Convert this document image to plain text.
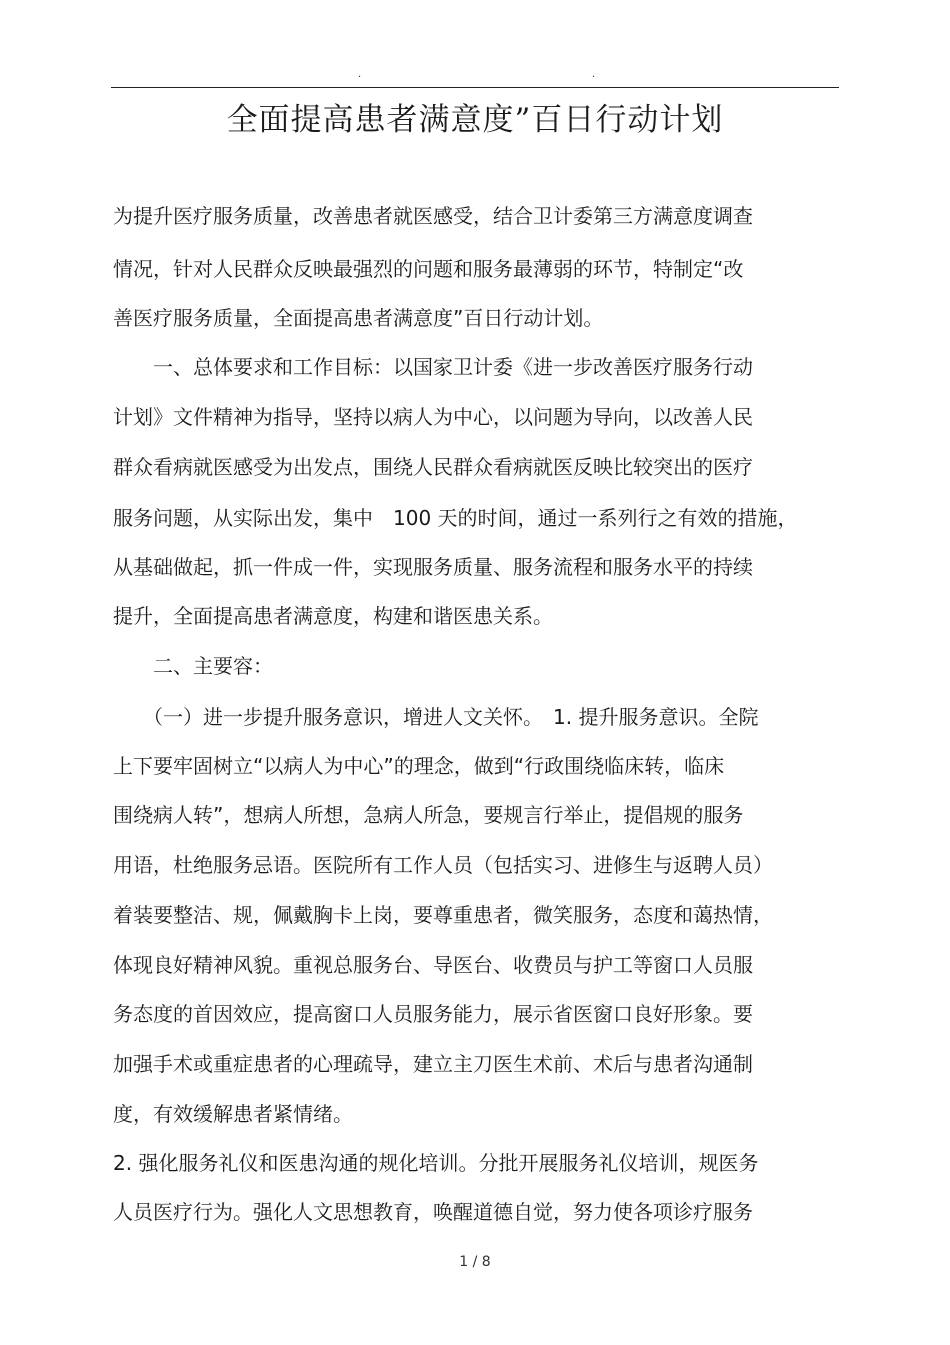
.	.
全面提高患者满意度”百日行动计划
为提升医疗服务质量，改善患者就医感受，结合卫计委第三方满意度调查
情况，针对人民群众反映最强烈的问题和服务最薄弱的环节，特制定“改
善医疗服务质量，全面提高患者满意度”百日行动计划。
　　一、总体要求和工作目标：以国家卫计委《进一步改善医疗服务行动
计划》文件精神为指导，坚持以病人为中心，以问题为导向，以改善人民
群众看病就医感受为出发点，围绕人民群众看病就医反映比较突出的医疗
服务问题，从实际出发，集中　100 天的时间，通过一系列行之有效的措施，
从基础做起，抓一件成一件，实现服务质量、服务流程和服务水平的持续
提升，全面提高患者满意度，构建和谐医患关系。
　　二、主要容：
　　（一）进一步提升服务意识，增进人文关怀。　1. 提升服务意识。全院
上下要牢固树立“以病人为中心”的理念，做到“行政围绕临床转，临床
围绕病人转”，想病人所想，急病人所急，要规言行举止，提倡规的服务
用语，杜绝服务忌语。医院所有工作人员（包括实习、进修生与返聘人员）
着装要整洁、规，佩戴胸卡上岗，要尊重患者，微笑服务，态度和蔼热情，
体现良好精神风貌。重视总服务台、导医台、收费员与护工等窗口人员服
务态度的首因效应，提高窗口人员服务能力，展示省医窗口良好形象。要
加强手术或重症患者的心理疏导，建立主刀医生术前、术后与患者沟通制
度，有效缓解患者紧情绪。
2. 强化服务礼仪和医患沟通的规化培训。分批开展服务礼仪培训，规医务
人员医疗行为。强化人文思想教育，唤醒道德自觉，努力使各项诊疗服务
1 / 8
